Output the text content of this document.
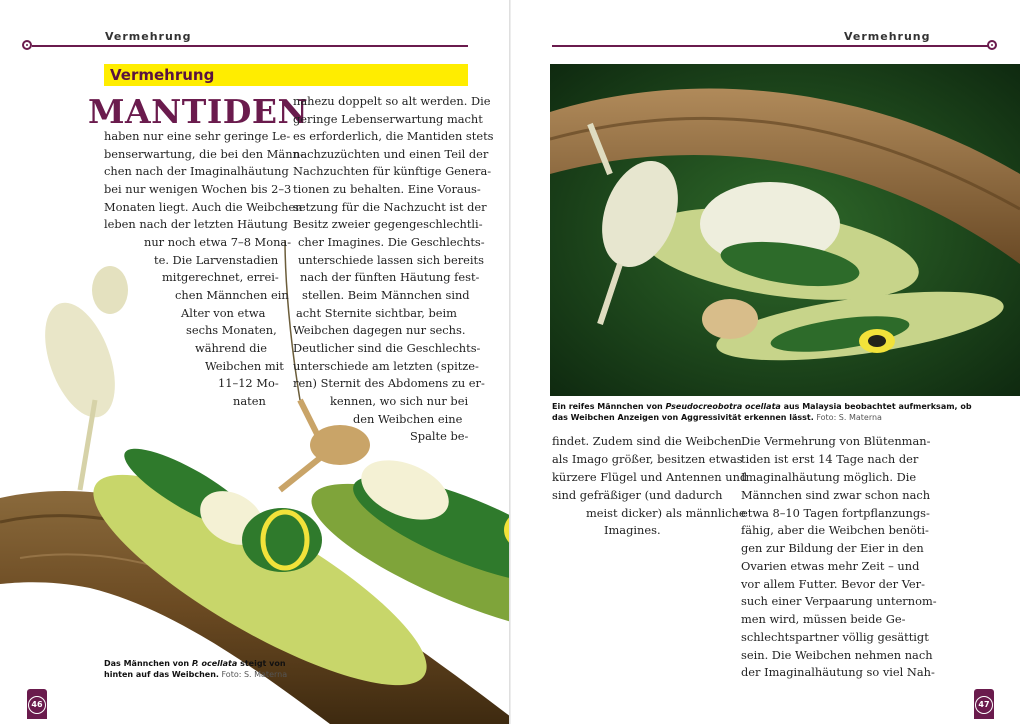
Vermehrung
Vermehrung
MANTIDEN
haben nur eine sehr geringe Le-
benserwartung, die bei den Männ-
chen nach der Imaginalhäutung
bei nur wenigen Wochen bis 2–3
Monaten liegt. Auch die Weibchen
leben nach der letzten Häutung
nur noch etwa 7–8 Mona-
te. Die Larvenstadien
mitgerechnet, errei-
chen Männchen ein
Alter von etwa
sechs Monaten,
während die
Weibchen mit
11–12 Mo-
naten
nahezu doppelt so alt werden. Die
geringe Lebenserwartung macht
es erforderlich, die Mantiden stets
nachzuzüchten und einen Teil der
Nachzuchten für künftige Genera-
tionen zu behalten. Eine Voraus-
setzung für die Nachzucht ist der
Besitz zweier gegengeschlechtli-
cher Imagines. Die Geschlechts-
unterschiede lassen sich bereits
nach der fünften Häutung fest-
stellen. Beim Männchen sind
acht Sternite sichtbar, beim
Weibchen dagegen nur sechs.
Deutlicher sind die Geschlechts-
unterschiede am letzten (spitze-
ren) Sternit des Abdomens zu er-
kennen, wo sich nur bei
den Weibchen eine
Spalte be-
Das Männchen von P. ocellata steigt von
hinten auf das Weibchen. Foto: S. Materna
46
Vermehrung
Ein reifes Männchen von Pseudocreobotra ocellata aus Malaysia beobachtet aufmerksam, ob
das Weibchen Anzeigen von Aggressivität erkennen lässt. Foto: S. Materna
findet. Zudem sind die Weibchen
als Imago größer, besitzen etwas
kürzere Flügel und Antennen und
sind gefräßiger (und dadurch
meist dicker) als männliche
Imagines.
Die Vermehrung von Blütenman-
tiden ist erst 14 Tage nach der
Imaginalhäutung möglich. Die
Männchen sind zwar schon nach
etwa 8–10 Tagen fortpflanzungs-
fähig, aber die Weibchen benöti-
gen zur Bildung der Eier in den
Ovarien etwas mehr Zeit – und
vor allem Futter. Bevor der Ver-
such einer Verpaarung unternom-
men wird, müssen beide Ge-
schlechtspartner völlig gesättigt
sein. Die Weibchen nehmen nach
der Imaginalhäutung so viel Nah-
47
